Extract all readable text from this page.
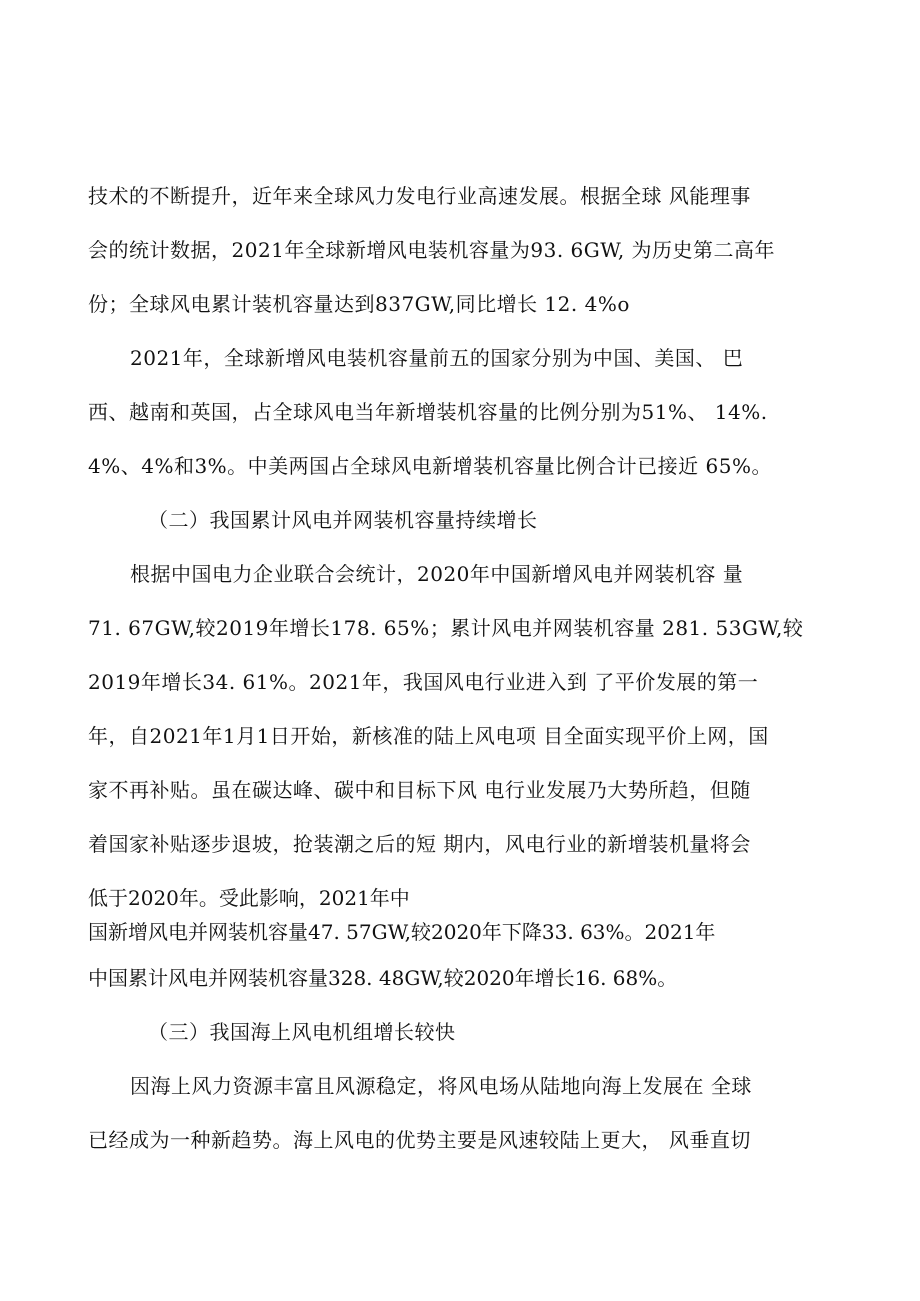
技术的不断提升，近年来全球风力发电行业高速发展。根据全球 风能理事
会的统计数据，2021年全球新增风电装机容量为93. 6GW, 为历史第二高年
份；全球风电累计装机容量达到837GW,同比增长 12. 4%o
2021年，全球新增风电装机容量前五的国家分别为中国、美国、 巴
西、越南和英国，占全球风电当年新增装机容量的比例分别为51%、 14%.
4%、4%和3%。中美两国占全球风电新增装机容量比例合计已接近 65%。
（二）我国累计风电并网装机容量持续增长
根据中国电力企业联合会统计，2020年中国新增风电并网装机容 量
71. 67GW,较2019年增长178. 65%；累计风电并网装机容量 281. 53GW,较
2019年增长34. 61%。2021年，我国风电行业进入到 了平价发展的第一
年，自2021年1月1日开始，新核准的陆上风电项 目全面实现平价上网，国
家不再补贴。虽在碳达峰、碳中和目标下风 电行业发展乃大势所趋，但随
着国家补贴逐步退坡，抢装潮之后的短 期内，风电行业的新增装机量将会
低于2020年。受此影响，2021年中
国新增风电并网装机容量47. 57GW,较2020年下降33. 63%。2021年
中国累计风电并网装机容量328. 48GW,较2020年增长16. 68%。
（三）我国海上风电机组增长较快
因海上风力资源丰富且风源稳定，将风电场从陆地向海上发展在 全球
已经成为一种新趋势。海上风电的优势主要是风速较陆上更大， 风垂直切
